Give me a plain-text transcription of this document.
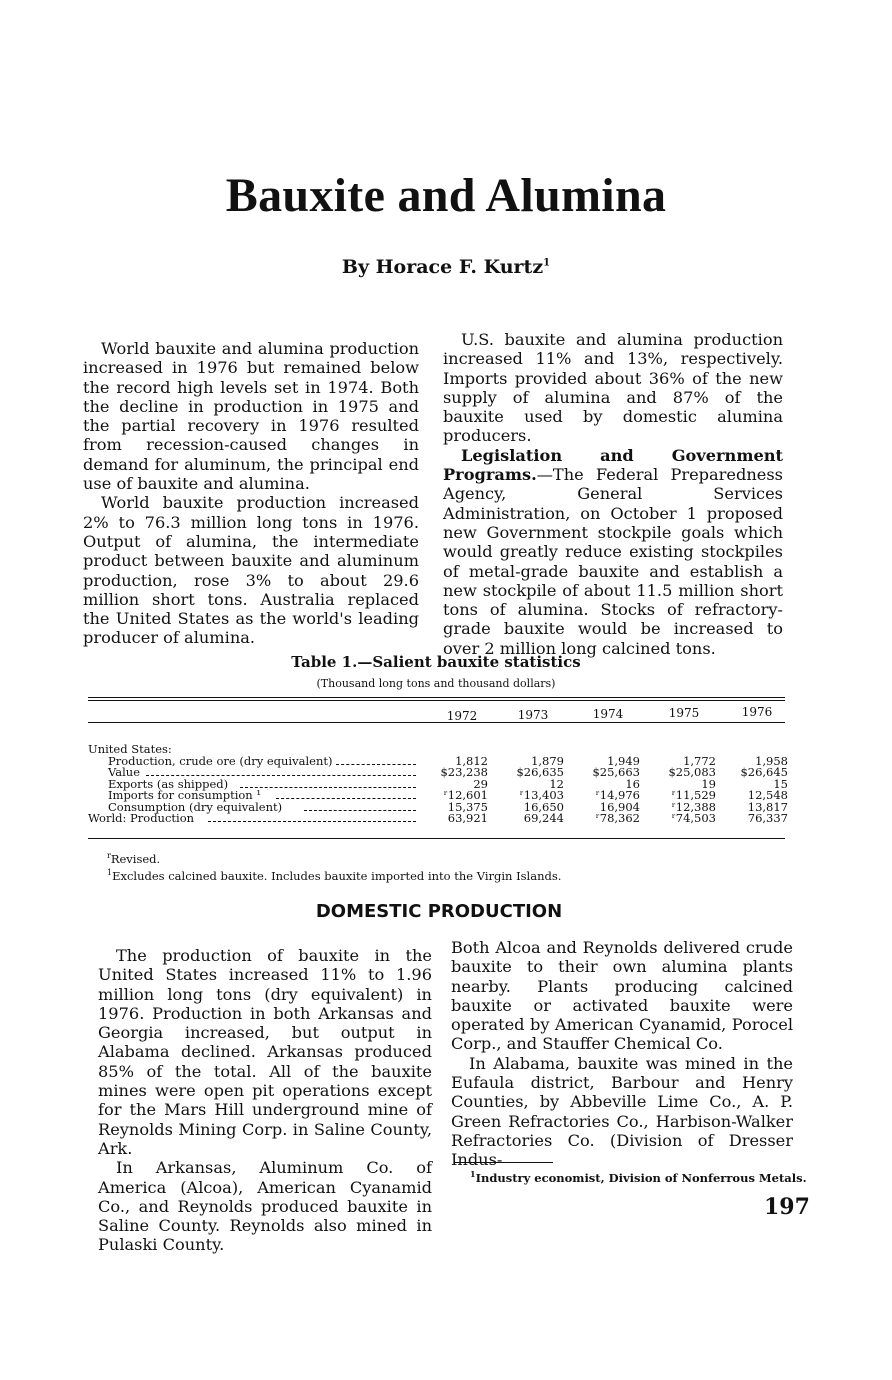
Bauxite and Alumina
By Horace F. Kurtz$^1$

World bauxite and alumina production increased in 1976 but remained below the record high levels set in 1974. Both the decline in production in 1975 and the partial recovery in 1976 resulted from recession-caused changes in demand for aluminum, the principal end use of bauxite and alumina.

World bauxite production increased 2% to 76.3 million long tons in 1976. Output of alumina, the intermediate product between bauxite and aluminum production, rose 3% to about 29.6 million short tons. Australia replaced the United States as the world's leading producer of alumina.

U.S. bauxite and alumina production increased 11% and 13%, respectively. Imports provided about 36% of the new supply of alumina and 87% of the bauxite used by domestic alumina producers.

Legislation and Government Programs.—The Federal Preparedness Agency, General Services Administration, on October 1 proposed new Government stockpile goals which would greatly reduce existing stockpiles of metal-grade bauxite and establish a new stockpile of about 11.5 million short tons of alumina. Stocks of refractory-grade bauxite would be increased to over 2 million long calcined tons.

Table 1.—Salient bauxite statistics
(Thousand long tons and thousand dollars)
1972	1973	1974	1975	1976
United States:
Production, crude ore (dry equivalent)	1,812	1,879	1,949	1,772	1,958
Value	$23,238	$26,635	$25,663	$25,083	$26,645
Exports (as shipped)	29	12	16	19	15
Imports for consumption ¹	ʳ12,601	ʳ13,403	ʳ14,976	ʳ11,529	12,548
Consumption (dry equivalent)	15,375	16,650	16,904	ʳ12,388	13,817
World: Production	63,921	69,244	ʳ78,362	ʳ74,503	76,337
$^r$Revised.
$^1$Excludes calcined bauxite. Includes bauxite imported into the Virgin Islands.
DOMESTIC PRODUCTION

The production of bauxite in the United States increased 11% to 1.96 million long tons (dry equivalent) in 1976. Production in both Arkansas and Georgia increased, but output in Alabama declined. Arkansas produced 85% of the total. All of the bauxite mines were open pit operations except for the Mars Hill underground mine of Reynolds Mining Corp. in Saline County, Ark.

In Arkansas, Aluminum Co. of America (Alcoa), American Cyanamid Co., and Reynolds produced bauxite in Saline County. Reynolds also mined in Pulaski County.

Both Alcoa and Reynolds delivered crude bauxite to their own alumina plants nearby. Plants producing calcined bauxite or activated bauxite were operated by American Cyanamid, Porocel Corp., and Stauffer Chemical Co.

In Alabama, bauxite was mined in the Eufaula district, Barbour and Henry Counties, by Abbeville Lime Co., A. P. Green Refractories Co., Harbison-Walker Refractories Co. (Division of Dresser Indus-

$^1$Industry economist, Division of Nonferrous Metals.
197
